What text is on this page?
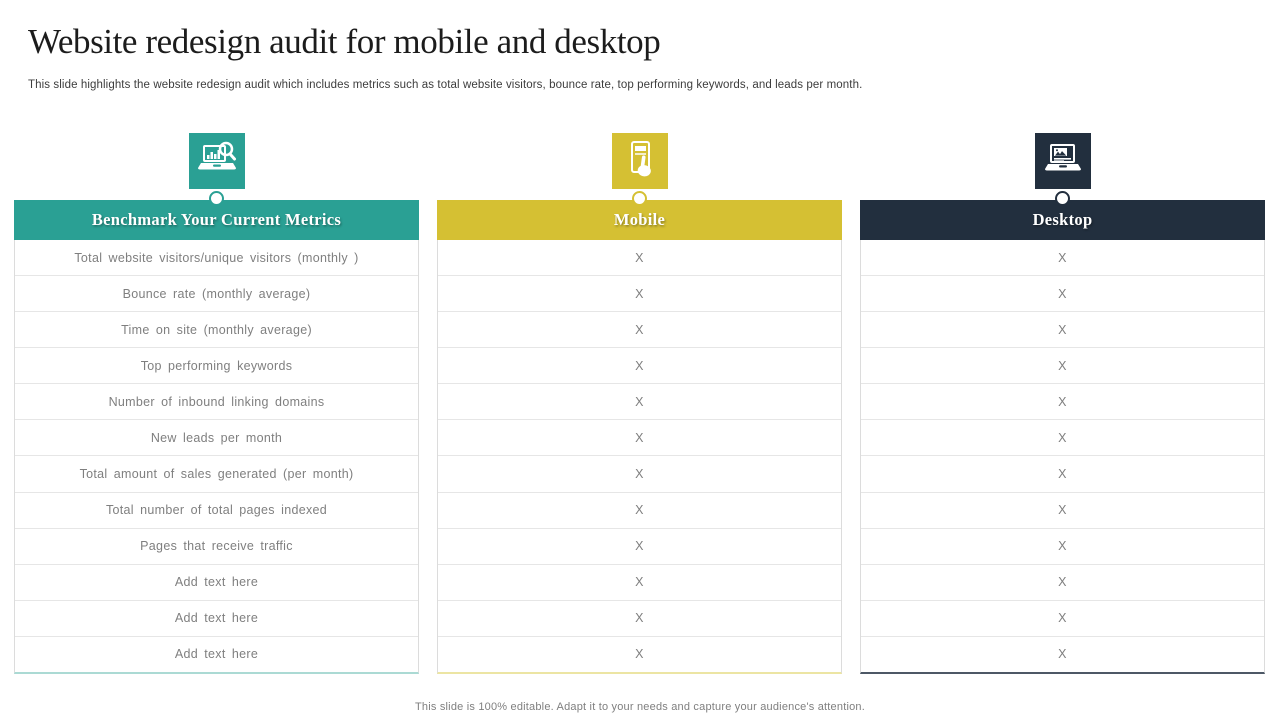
Website redesign audit for mobile and desktop
This slide highlights the website redesign audit which includes metrics such as total website visitors, bounce rate, top performing keywords, and leads per month.
Benchmark Your Current Metrics
Total website visitors/unique visitors (monthly )
Bounce rate (monthly average)
Time on site (monthly average)
Top performing keywords
Number of inbound linking domains
New leads per month
Total amount of sales generated (per month)
Total number of total pages indexed
Pages that receive traffic
Add text here
Add text here
Add text here
Mobile
X
X
X
X
X
X
X
X
X
X
X
X
Desktop
X
X
X
X
X
X
X
X
X
X
X
X
This slide is 100% editable. Adapt it to your needs and capture your audience's attention.
